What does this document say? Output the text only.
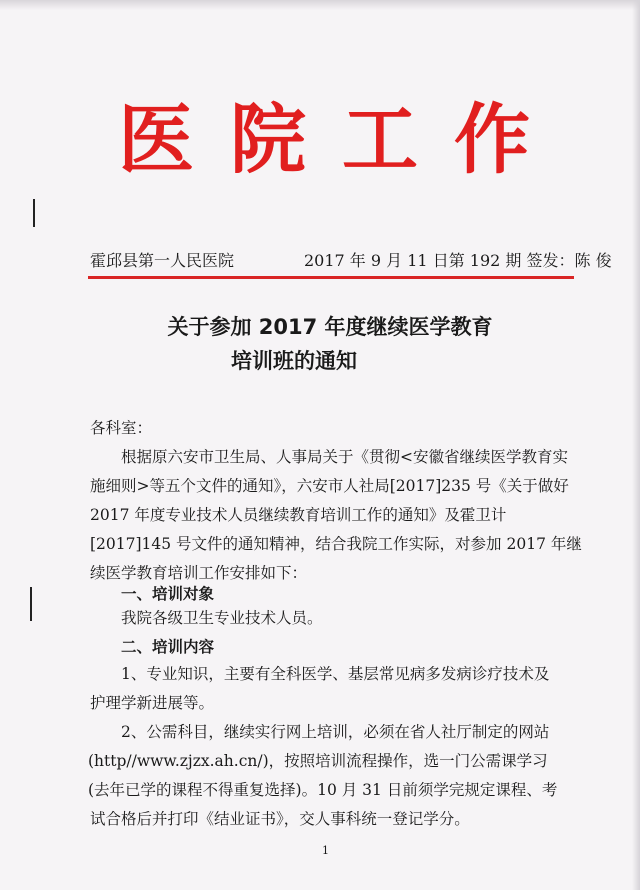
医院工作
霍邱县第一人民医院	2017 年 9 月 11 日第 192 期 签发：陈 俊
关于参加 2017 年度继续医学教育
培训班的通知
各科室：
根据原六安市卫生局、人事局关于《贯彻<安徽省继续医学教育实
施细则>等五个文件的通知》，六安市人社局[2017]235 号《关于做好
2017 年度专业技术人员继续教育培训工作的通知》及霍卫计
[2017]145 号文件的通知精神，结合我院工作实际，对参加 2017 年继
续医学教育培训工作安排如下：
一、培训对象
我院各级卫生专业技术人员。
二、培训内容
1、专业知识，主要有全科医学、基层常见病多发病诊疗技术及
护理学新进展等。
2、公需科目，继续实行网上培训，必须在省人社厅制定的网站
(http//www.zjzx.ah.cn/)，按照培训流程操作，选一门公需课学习
(去年已学的课程不得重复选择)。10 月 31 日前须学完规定课程、考
试合格后并打印《结业证书》，交人事科统一登记学分。
1
